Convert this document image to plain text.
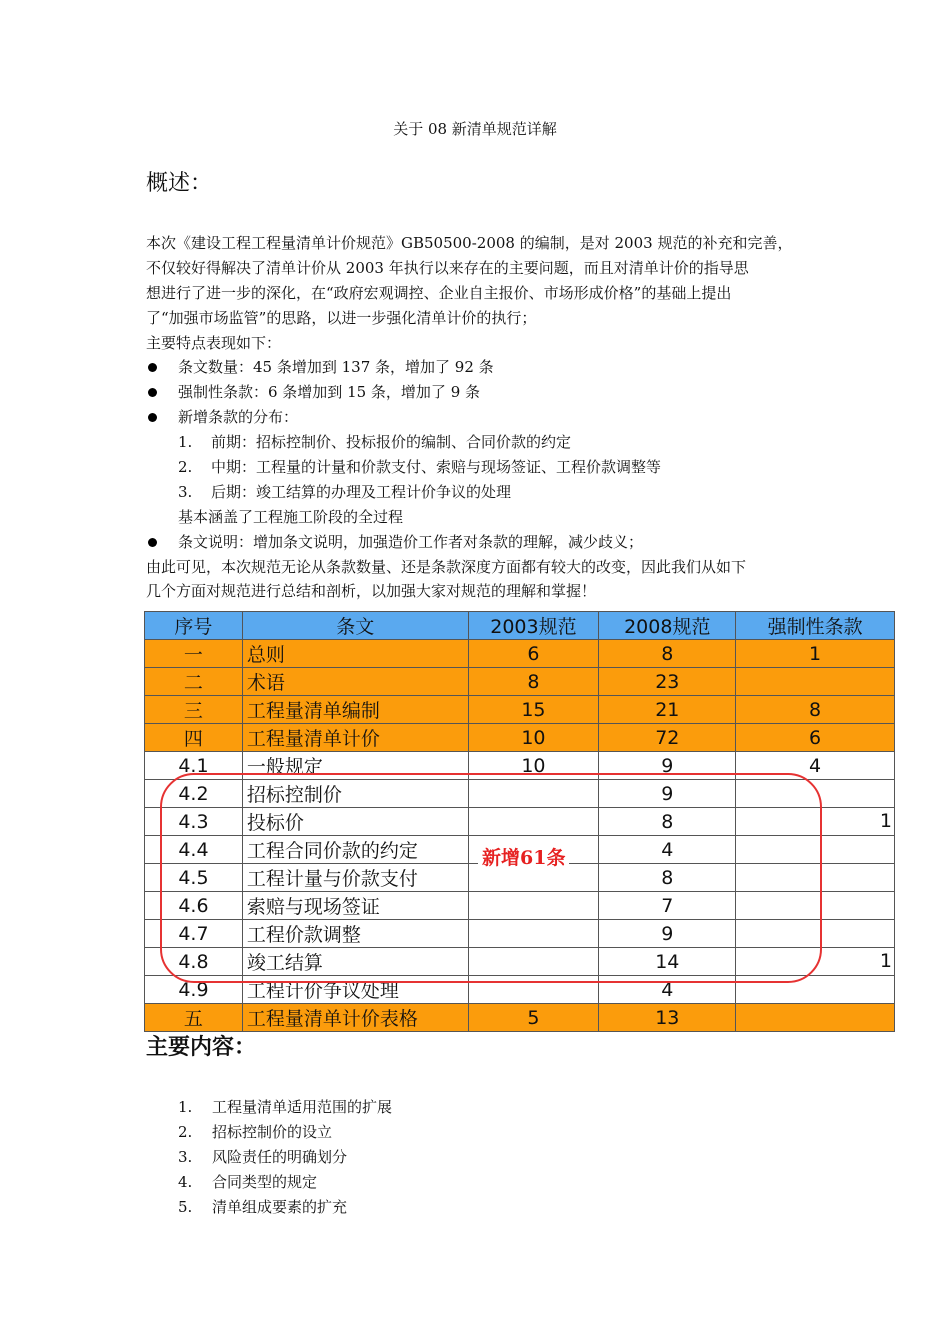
关于 08 新清单规范详解
概述：
本次《建设工程工程量清单计价规范》GB50500-2008 的编制，是对 2003 规范的补充和完善，
不仅较好得解决了清单计价从 2003 年执行以来存在的主要问题，而且对清单计价的指导思
想进行了进一步的深化，在“政府宏观调控、企业自主报价、市场形成价格”的基础上提出
了“加强市场监管”的思路，以进一步强化清单计价的执行；
主要特点表现如下：
条文数量：45 条增加到 137 条，增加了 92 条
强制性条款：6 条增加到 15 条，增加了 9 条
新增条款的分布：
1. 前期：招标控制价、投标报价的编制、合同价款的约定
2. 中期：工程量的计量和价款支付、索赔与现场签证、工程价款调整等
3. 后期：竣工结算的办理及工程计价争议的处理
基本涵盖了工程施工阶段的全过程
条文说明：增加条文说明，加强造价工作者对条款的理解，减少歧义；
由此可见，本次规范无论从条款数量、还是条款深度方面都有较大的改变，因此我们从如下
几个方面对规范进行总结和剖析，以加强大家对规范的理解和掌握！
序号	条文	2003规范	2008规范	强制性条款
一	总则	6	8	1
二	术语	8	23	
三	工程量清单编制	15	21	8
四	工程量清单计价	10	72	6
4.1	一般规定	10	9	4
4.2	招标控制价		9	
4.3	投标价		8	1

4.4	工程合同价款的约定		4	
4.5	工程计量与价款支付		8	
4.6	索赔与现场签证		7	
4.7	工程价款调整		9	
4.8	竣工结算		14	1

4.9	工程计价争议处理		4	
五	工程量清单计价表格	5	13	
新增61条
主要内容：
1. 工程量清单适用范围的扩展
2. 招标控制价的设立
3. 风险责任的明确划分
4. 合同类型的规定
5. 清单组成要素的扩充
